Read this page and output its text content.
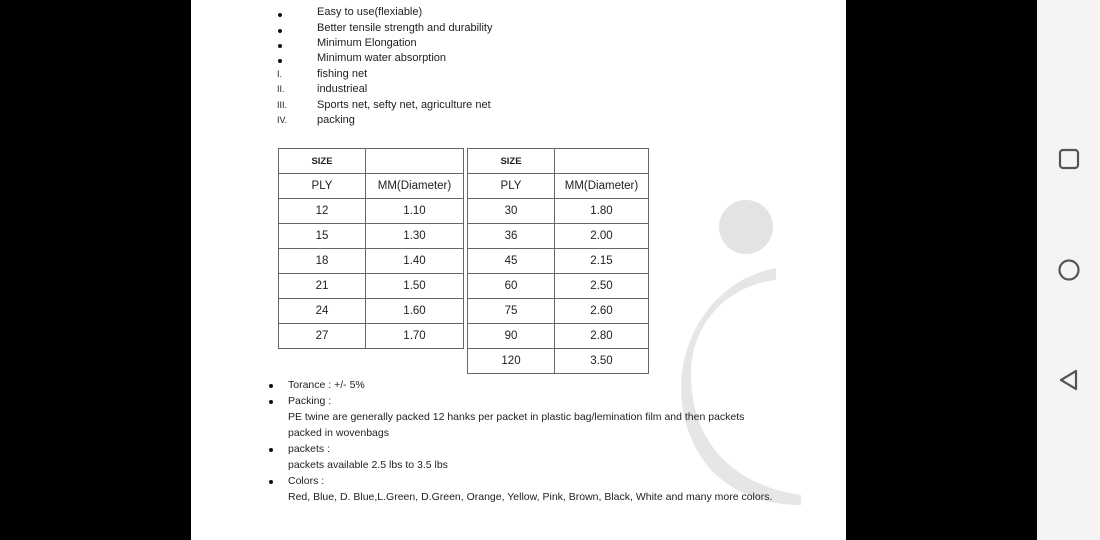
Easy to use(flexiable)
Better tensile strength and durability
Minimum Elongation
Minimum water absorption
I.	fishing net
II.	industrieal
III.	Sports net, sefty net, agriculture net
IV.	packing
SIZE	
PLY	MM(Diameter)
12	1.10
15	1.30
18	1.40
21	1.50
24	1.60
27	1.70
SIZE	
PLY	MM(Diameter)
30	1.80
36	2.00
45	2.15
60	2.50
75	2.60
90	2.80
120	3.50
Torance : +/- 5%
Packing :
PE twine are generally packed 12 hanks per packet in plastic bag/lemination film and then packets
packed in wovenbags
packets :
packets available 2.5 lbs to 3.5 lbs
Colors :
Red, Blue, D. Blue,L.Green, D.Green, Orange, Yellow, Pink, Brown, Black, White and many more colors.
